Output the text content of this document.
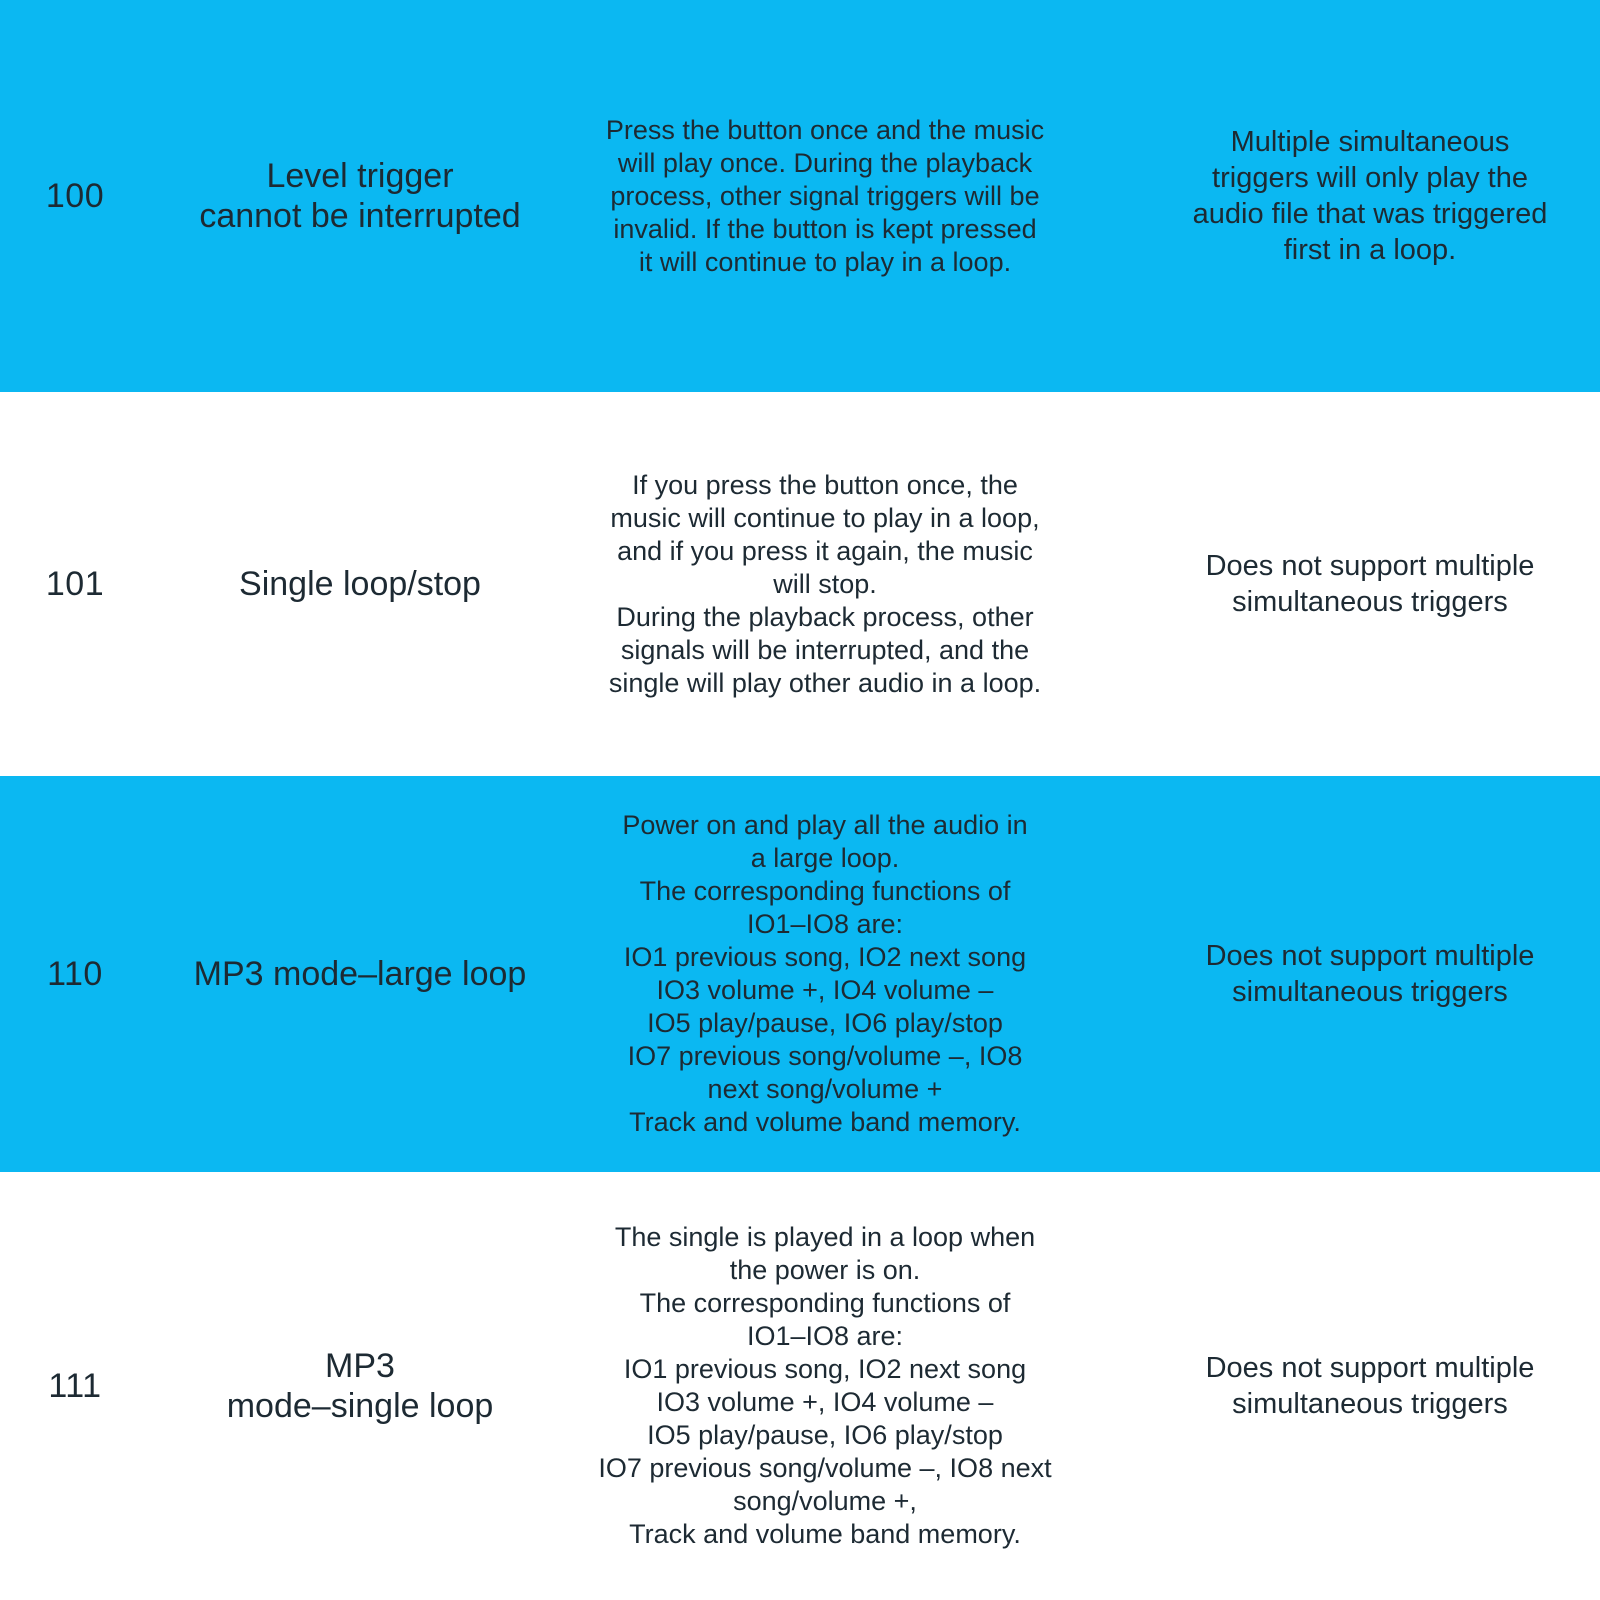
100
Level trigger
cannot be interrupted
Press the button once and the music
will play once. During the playback
process, other signal triggers will be
invalid. If the button is kept pressed
it will continue to play in a loop.
Multiple simultaneous
triggers will only play the
audio file that was triggered
first in a loop.
101	Single loop/stop
If you press the button once, the
music will continue to play in a loop,
and if you press it again, the music
will stop.
During the playback process, other
signals will be interrupted, and the
single will play other audio in a loop.
Does not support multiple
simultaneous triggers
110	MP3 mode–large loop
Power on and play all the audio in
a large loop.
The corresponding functions of
IO1–IO8 are:
IO1 previous song, IO2 next song
IO3 volume +, IO4 volume –
IO5 play/pause, IO6 play/stop
IO7 previous song/volume –, IO8
next song/volume +
Track and volume band memory.
Does not support multiple
simultaneous triggers
111
MP3
mode–single loop
The single is played in a loop when
the power is on.
The corresponding functions of
IO1–IO8 are:
IO1 previous song, IO2 next song
IO3 volume +, IO4 volume –
IO5 play/pause, IO6 play/stop
IO7 previous song/volume –, IO8 next
song/volume +,
Track and volume band memory.
Does not support multiple
simultaneous triggers
